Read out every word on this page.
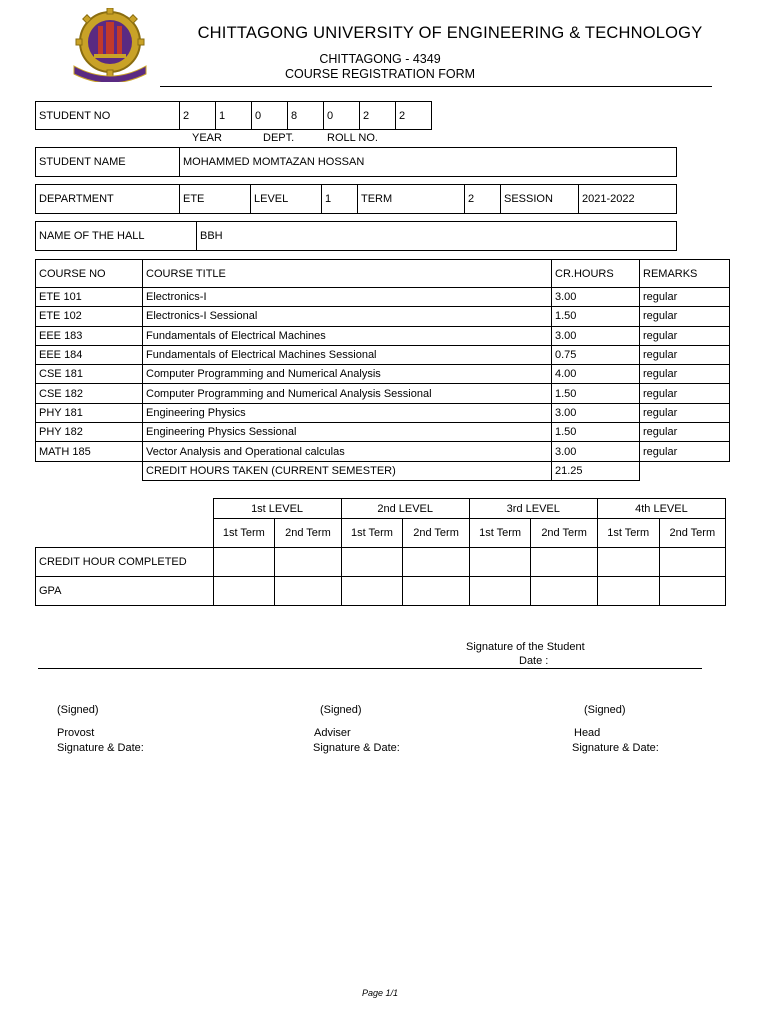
CHITTAGONG UNIVERSITY OF ENGINEERING & TECHNOLOGY
CHITTAGONG - 4349
COURSE REGISTRATION FORM
STUDENT NO	2	1	0	8	0	2	2
YEAR	DEPT.	ROLL NO.
STUDENT NAME	MOHAMMED MOMTAZAN HOSSAN
DEPARTMENT	ETE	LEVEL	1	TERM	2	SESSION	2021-2022
NAME OF THE HALL	BBH
COURSE NO	COURSE TITLE	CR.HOURS	REMARKS
ETE 101	Electronics-I	3.00	regular
ETE 102	Electronics-I Sessional	1.50	regular
EEE 183	Fundamentals of Electrical Machines	3.00	regular
EEE 184	Fundamentals of Electrical Machines Sessional	0.75	regular
CSE 181	Computer Programming and Numerical Analysis	4.00	regular
CSE 182	Computer Programming and Numerical Analysis Sessional	1.50	regular
PHY 181	Engineering Physics	3.00	regular
PHY 182	Engineering Physics Sessional	1.50	regular
MATH 185	Vector Analysis and Operational calculas	3.00	regular
	CREDIT HOURS TAKEN (CURRENT SEMESTER)	21.25	
	1st LEVEL		2nd LEVEL		3rd LEVEL		4th LEVEL	
	1st Term	2nd Term	1st Term	2nd Term	1st Term	2nd Term	1st Term	2nd Term
CREDIT HOUR COMPLETED								
GPA								
Signature of the Student
Date :
(Signed)	(Signed)	(Signed)
Provost	Adviser	Head
Signature & Date:	Signature & Date:	Signature & Date:
Page 1/1
